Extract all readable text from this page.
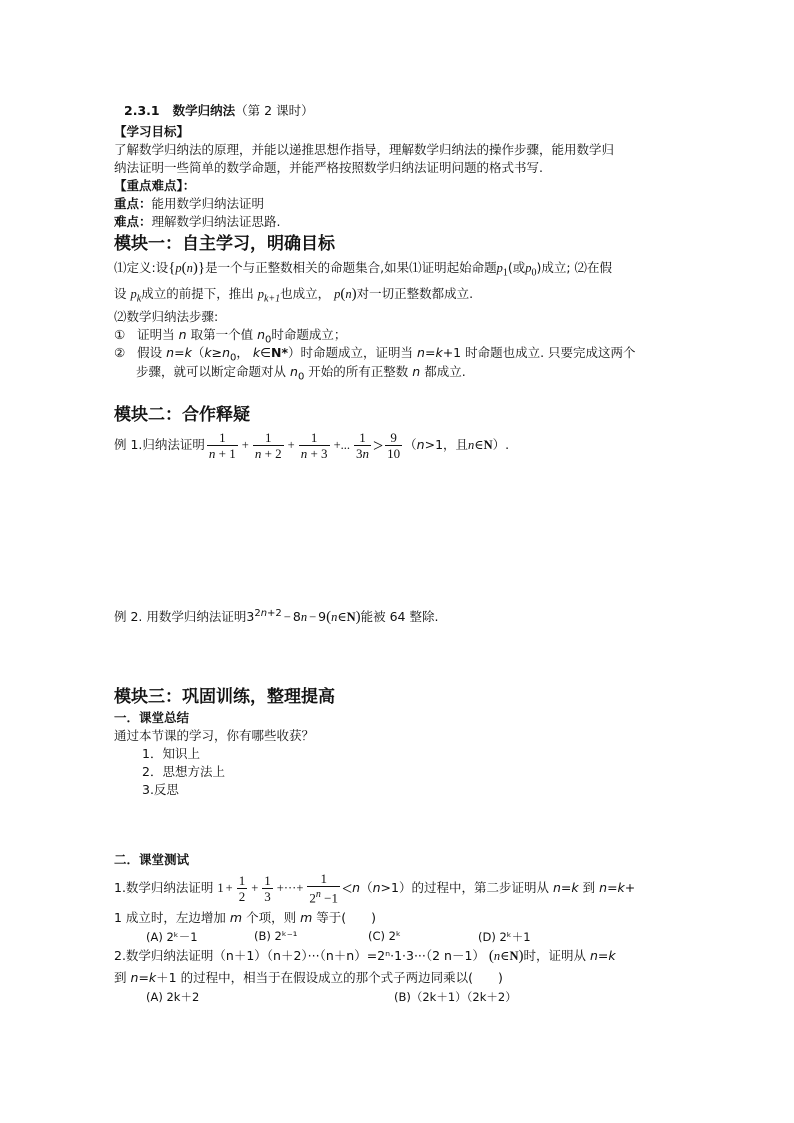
2.3.1 数学归纳法（第 2 课时）
【学习目标】
了解数学归纳法的原理，并能以递推思想作指导，理解数学归纳法的操作步骤，能用数学归
纳法证明一些简单的数学命题，并能严格按照数学归纳法证明问题的格式书写.
【重点难点】：
重点：能用数学归纳法证明
难点：理解数学归纳法证思路.
模块一：自主学习，明确目标
⑴定义:设{p(n)}是一个与正整数相关的命题集合,如果⑴证明起始命题$p_1$(或$p_0$)成立; ⑵在假
设 $p_k$成立的前提下，推出 $p_{k+1}$也成立， p(n)对一切正整数都成立.
⑵数学归纳法步骤:
① 证明当 n 取第一个值 $n_0$时命题成立；
② 假设 $n=k(k\ge n_0$， k∈N*）时命题成立，证明当 n=k+1 时命题也成立. 只要完成这两个
步骤，就可以断定命题对从 $n_0$ 开始的所有正整数 n 都成立.
模块二：合作释疑
例 1.归纳法证明 $\frac{1}{n + 1} + \frac{1}{n + 2} + \frac{1}{n + 3}$ +... $\frac{1}{3n} > \frac{9}{10} (n>1$，且n∈N）.
例 2. 用数学归纳法证明$3^{2n+2} - 8n$ − 9(n∈N)能被 64 整除.
模块三：巩固训练，整理提高
一．课堂总结
通过本节课的学习，你有哪些收获？
1．知识上
2．思想方法上
3.反思
二．课堂测试
1.数学归纳法证明 $1 + \frac{1}{2} + \frac{1}{3}$ +···+ $\frac{1}{2^n -1} <n(n>1)$的过程中，第二步证明从 n=k 到 n=k+
1 成立时，左边增加 m 个项，则 m 等于(　　)
(A) 2ᵏ－1	(B) 2ᵏ⁻¹	(C) 2ᵏ	(D) 2ᵏ＋1
2.数学归纳法证明（n＋1）（n＋2）···（n＋n）=2ⁿ·1·3···（2 n－1） (n∈N)时，证明从 n=k
到 n=k＋1 的过程中，相当于在假设成立的那个式子两边同乘以(　　)
(A) 2k＋2	(B)（2k＋1）（2k＋2）
